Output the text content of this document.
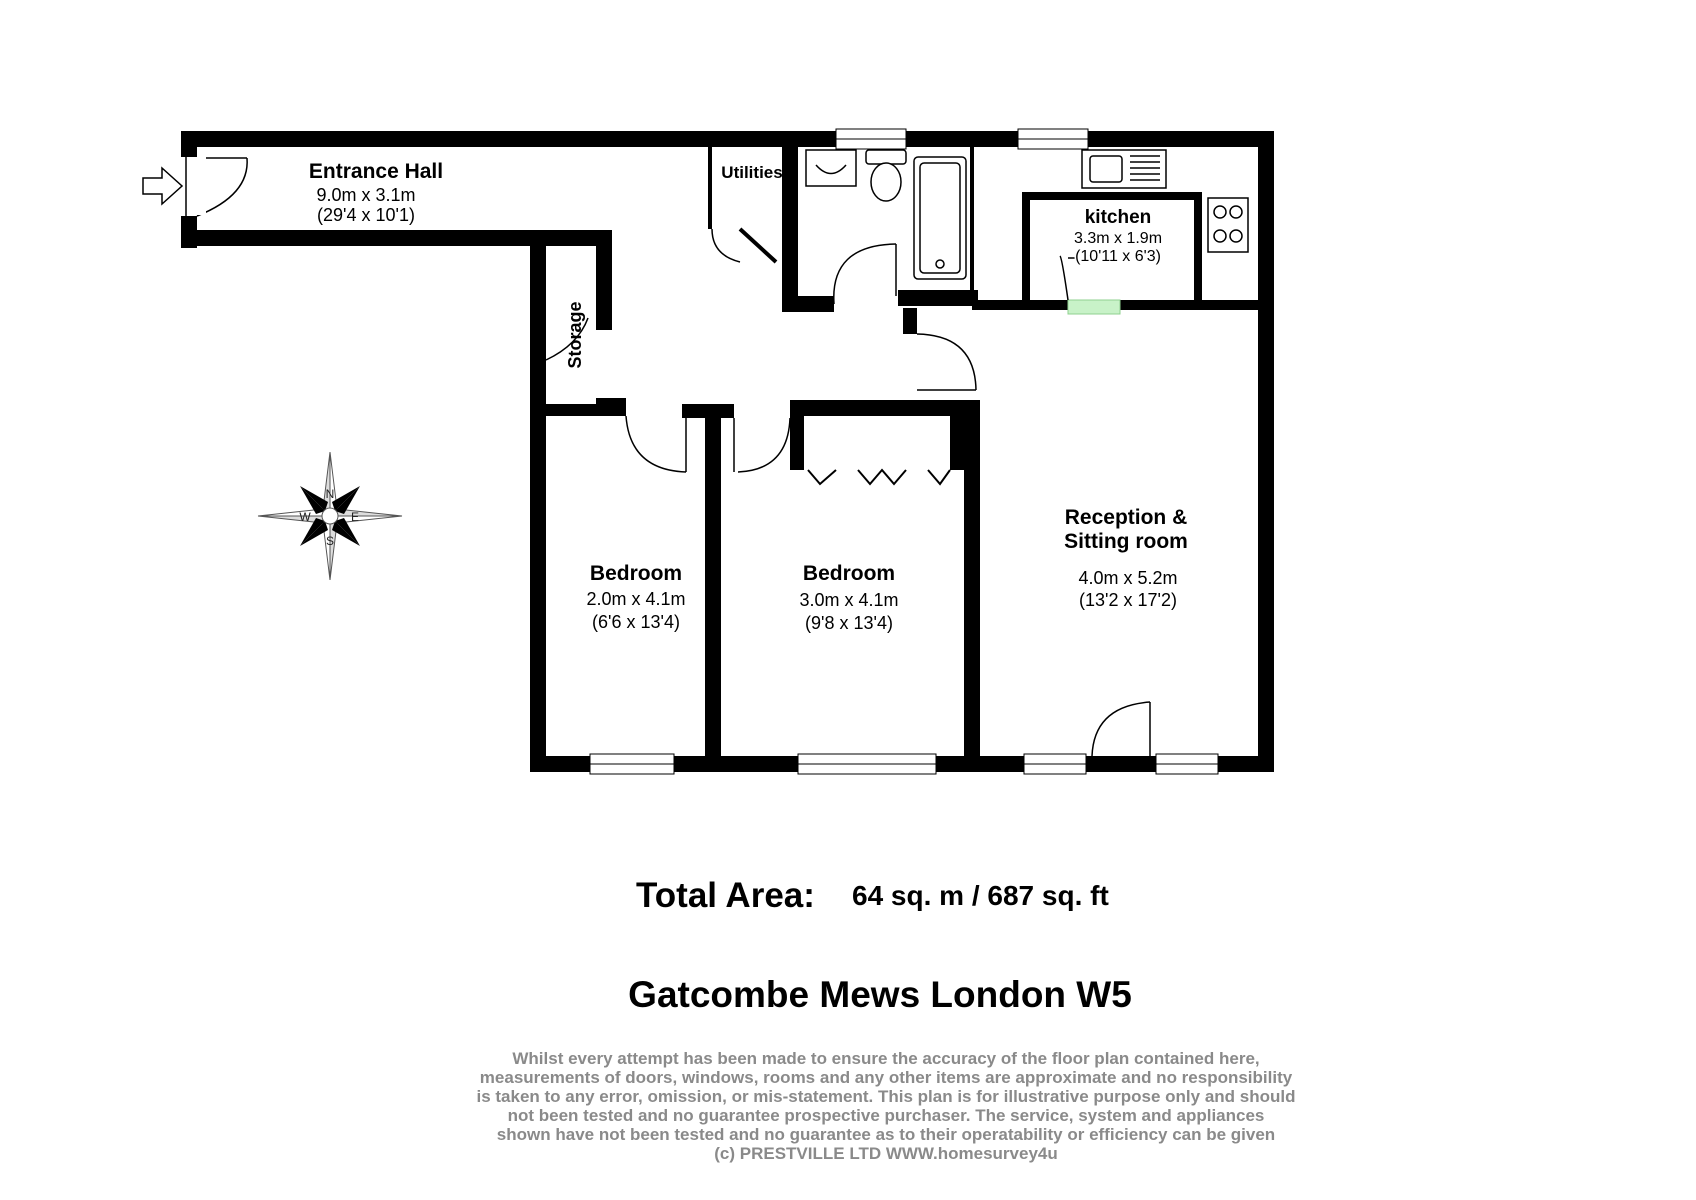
N
S
E
W
Entrance Hall
9.0m x 3.1m
(29'4 x 10'1)
Utilities
Storage
kitchen
3.3m x 1.9m
(10'11 x 6'3)
Bedroom
2.0m x 4.1m
(6'6 x 13'4)
Bedroom
3.0m x 4.1m
(9'8 x 13'4)
Reception &
Sitting room
4.0m x 5.2m
(13'2 x 17'2)
Total Area: 64 sq. m / 687 sq. ft
Gatcombe Mews London W5
Whilst every attempt has been made to ensure the accuracy of the floor plan contained here,
measurements of doors, windows, rooms and any other items are approximate and no responsibility
is taken to any error, omission, or mis-statement. This plan is for illustrative purpose only and should
not been tested and no guarantee prospective purchaser. The service, system and appliances
shown have not been tested and no guarantee as to their operatability or efficiency can be given
(c) PRESTVILLE LTD WWW.homesurvey4u
